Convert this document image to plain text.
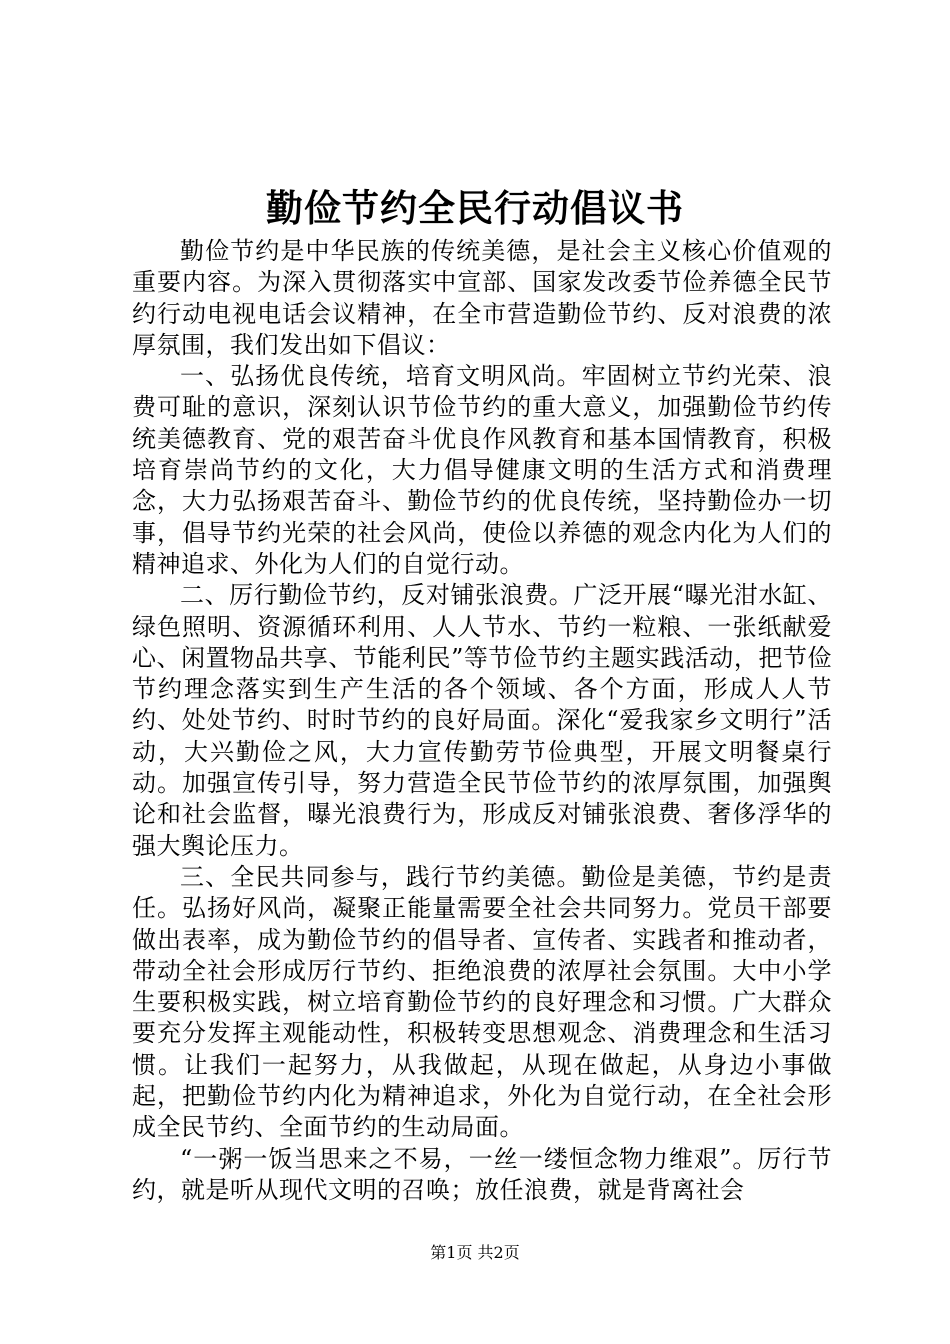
勤俭节约全民行动倡议书

勤俭节约是中华民族的传统美德，是社会主义核心价值观的重要内容。为深入贯彻落实中宣部、国家发改委节俭养德全民节约行动电视电话会议精神，在全市营造勤俭节约、反对浪费的浓厚氛围，我们发出如下倡议：

一、弘扬优良传统，培育文明风尚。牢固树立节约光荣、浪费可耻的意识，深刻认识节俭节约的重大意义，加强勤俭节约传统美德教育、党的艰苦奋斗优良作风教育和基本国情教育，积极培育崇尚节约的文化，大力倡导健康文明的生活方式和消费理念，大力弘扬艰苦奋斗、勤俭节约的优良传统，坚持勤俭办一切事，倡导节约光荣的社会风尚，使俭以养德的观念内化为人们的精神追求、外化为人们的自觉行动。

二、厉行勤俭节约，反对铺张浪费。广泛开展“曝光泔水缸、绿色照明、资源循环利用、人人节水、节约一粒粮、一张纸献爱心、闲置物品共享、节能利民”等节俭节约主题实践活动，把节俭节约理念落实到生产生活的各个领域、各个方面，形成人人节约、处处节约、时时节约的良好局面。深化“爱我家乡文明行”活动，大兴勤俭之风，大力宣传勤劳节俭典型，开展文明餐桌行动。加强宣传引导，努力营造全民节俭节约的浓厚氛围，加强舆论和社会监督，曝光浪费行为，形成反对铺张浪费、奢侈浮华的强大舆论压力。

三、全民共同参与，践行节约美德。勤俭是美德，节约是责任。弘扬好风尚，凝聚正能量需要全社会共同努力。党员干部要做出表率，成为勤俭节约的倡导者、宣传者、实践者和推动者，带动全社会形成厉行节约、拒绝浪费的浓厚社会氛围。大中小学生要积极实践，树立培育勤俭节约的良好理念和习惯。广大群众要充分发挥主观能动性，积极转变思想观念、消费理念和生活习惯。让我们一起努力，从我做起，从现在做起，从身边小事做起，把勤俭节约内化为精神追求，外化为自觉行动，在全社会形成全民节约、全面节约的生动局面。

“一粥一饭当思来之不易，一丝一缕恒念物力维艰”。厉行节约，就是听从现代文明的召唤；放任浪费，就是背离社会

第1页 共2页
